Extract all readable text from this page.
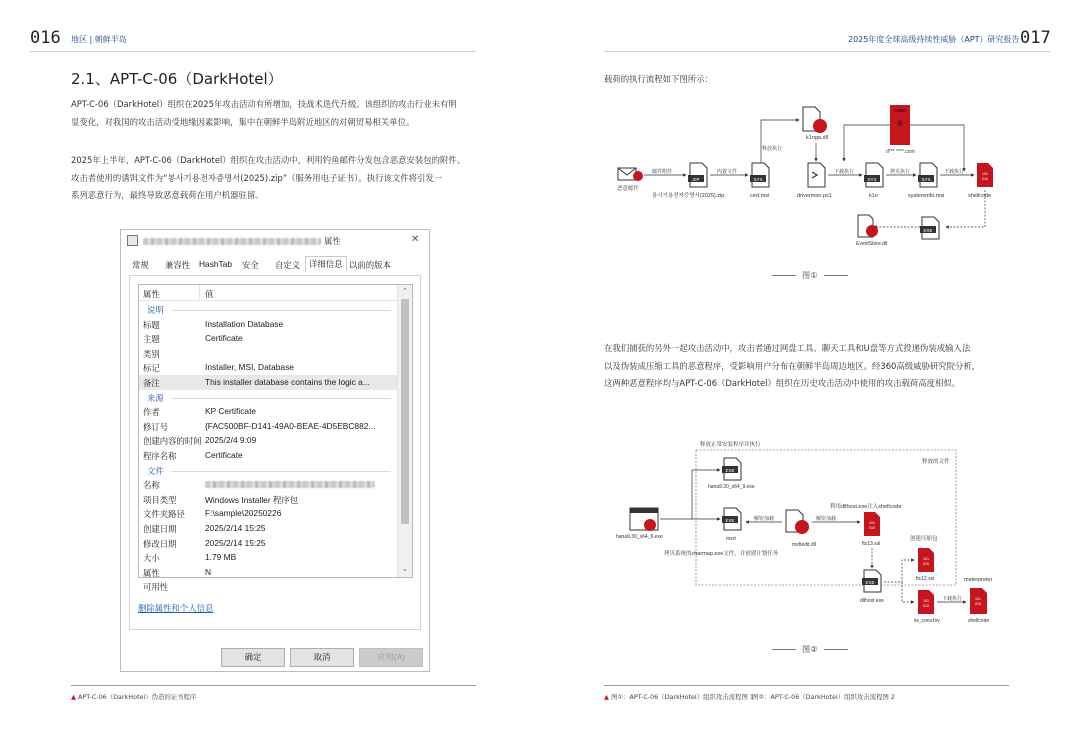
016 地区 | 朝鲜半岛
2.1、APT-C-06（DarkHotel）
APT-C-06（DarkHotel）组织在2025年攻击活动有所增加，技战术迭代升级。该组织的攻击行业未有明
显变化，对我国的攻击活动受地缘因素影响，集中在朝鲜半岛附近地区的对朝贸易相关单位。
2025年上半年，APT-C-06（DarkHotel）组织在攻击活动中，利用钓鱼邮件分发包含恶意安装包的附件。
攻击者使用的诱饵文件为“봉사기용전자증명서(2025).zip”（服务用电子证书）。执行该文件将引发一
系列恶意行为，最终导致恶意载荷在用户机器驻留。
属性	✕
常规 兼容性 HashTab 安全 自定义	详细信息 以前的版本
属性	值
说明
标题	Installation Database
主题	Certificate
类别
标记	Installer, MSI, Database
备注	This installer database contains the logic a...
来源
作者	KP Certificate
修订号	{FAC500BF-D141-49A0-BEAE-4D5EBC882...
创建内容的时间 2025/2/4 9:09
程序名称	Certificate
文件
名称
项目类型	Windows Installer 程序包
文件夹路径 F:\sample\20250226
创建日期	2025/2/14 15:25
修改日期	2025/2/14 15:25
大小	1.79 MB
属性	N
可用性
⌃
⌄
删除属性和个人信息
确定	取消	应用(A)
▲ APT-C-06（DarkHotel）伪造的证书程序
2025年度全球高级持续性威胁（APT）研究报告 017
载荷的执行流程如下图所示：
恶意邮件
邮件附件
ZIP
봉사기용전자증명서(2025).zip
内置文件
SYS
cert.msi
释放执行
k1nga.dll
drivermon.ps1
下载执行
SYS
k1o
拷贝执行
SYS
systeminfo.msi
下载执行	101
010
shellcode
d*** ****.com
EXE
EventStore.dll
图①
在我们捕获的另外一起攻击活动中，攻击者通过网盘工具、聊天工具和U盘等方式投递伪装成输入法
以及伪装成压缩工具的恶意程序，受影响用户分布在朝鲜半岛周边地区。经360高级威胁研究院分析，
这两种恶意程序均与APT-C-06（DarkHotel）组织在历史攻击活动中使用的攻击载荷高度相似。
释放正常安装程序并执行
释放的文件
hana9.30_x64_9.exe
EXE
hana9.30_x64_9.exe
EXE
msrt
解密加载
msftedit.dll
解密加载
利用dllhost.exe注入shellcode
101
010
ftc13.ssl
拷贝系统的charmap.exe文件，并创建计划任务
创建压缩包
101
010
ftc12.ssl
EXE
dllhost.exe	101
010
iw_conv.fov
下载执行
meterpreter
101
010
shellcode
图②
▲ 图①：APT-C-06（DarkHotel）组织攻击流程图 1
图②：APT-C-06（DarkHotel）组织攻击流程图 2
